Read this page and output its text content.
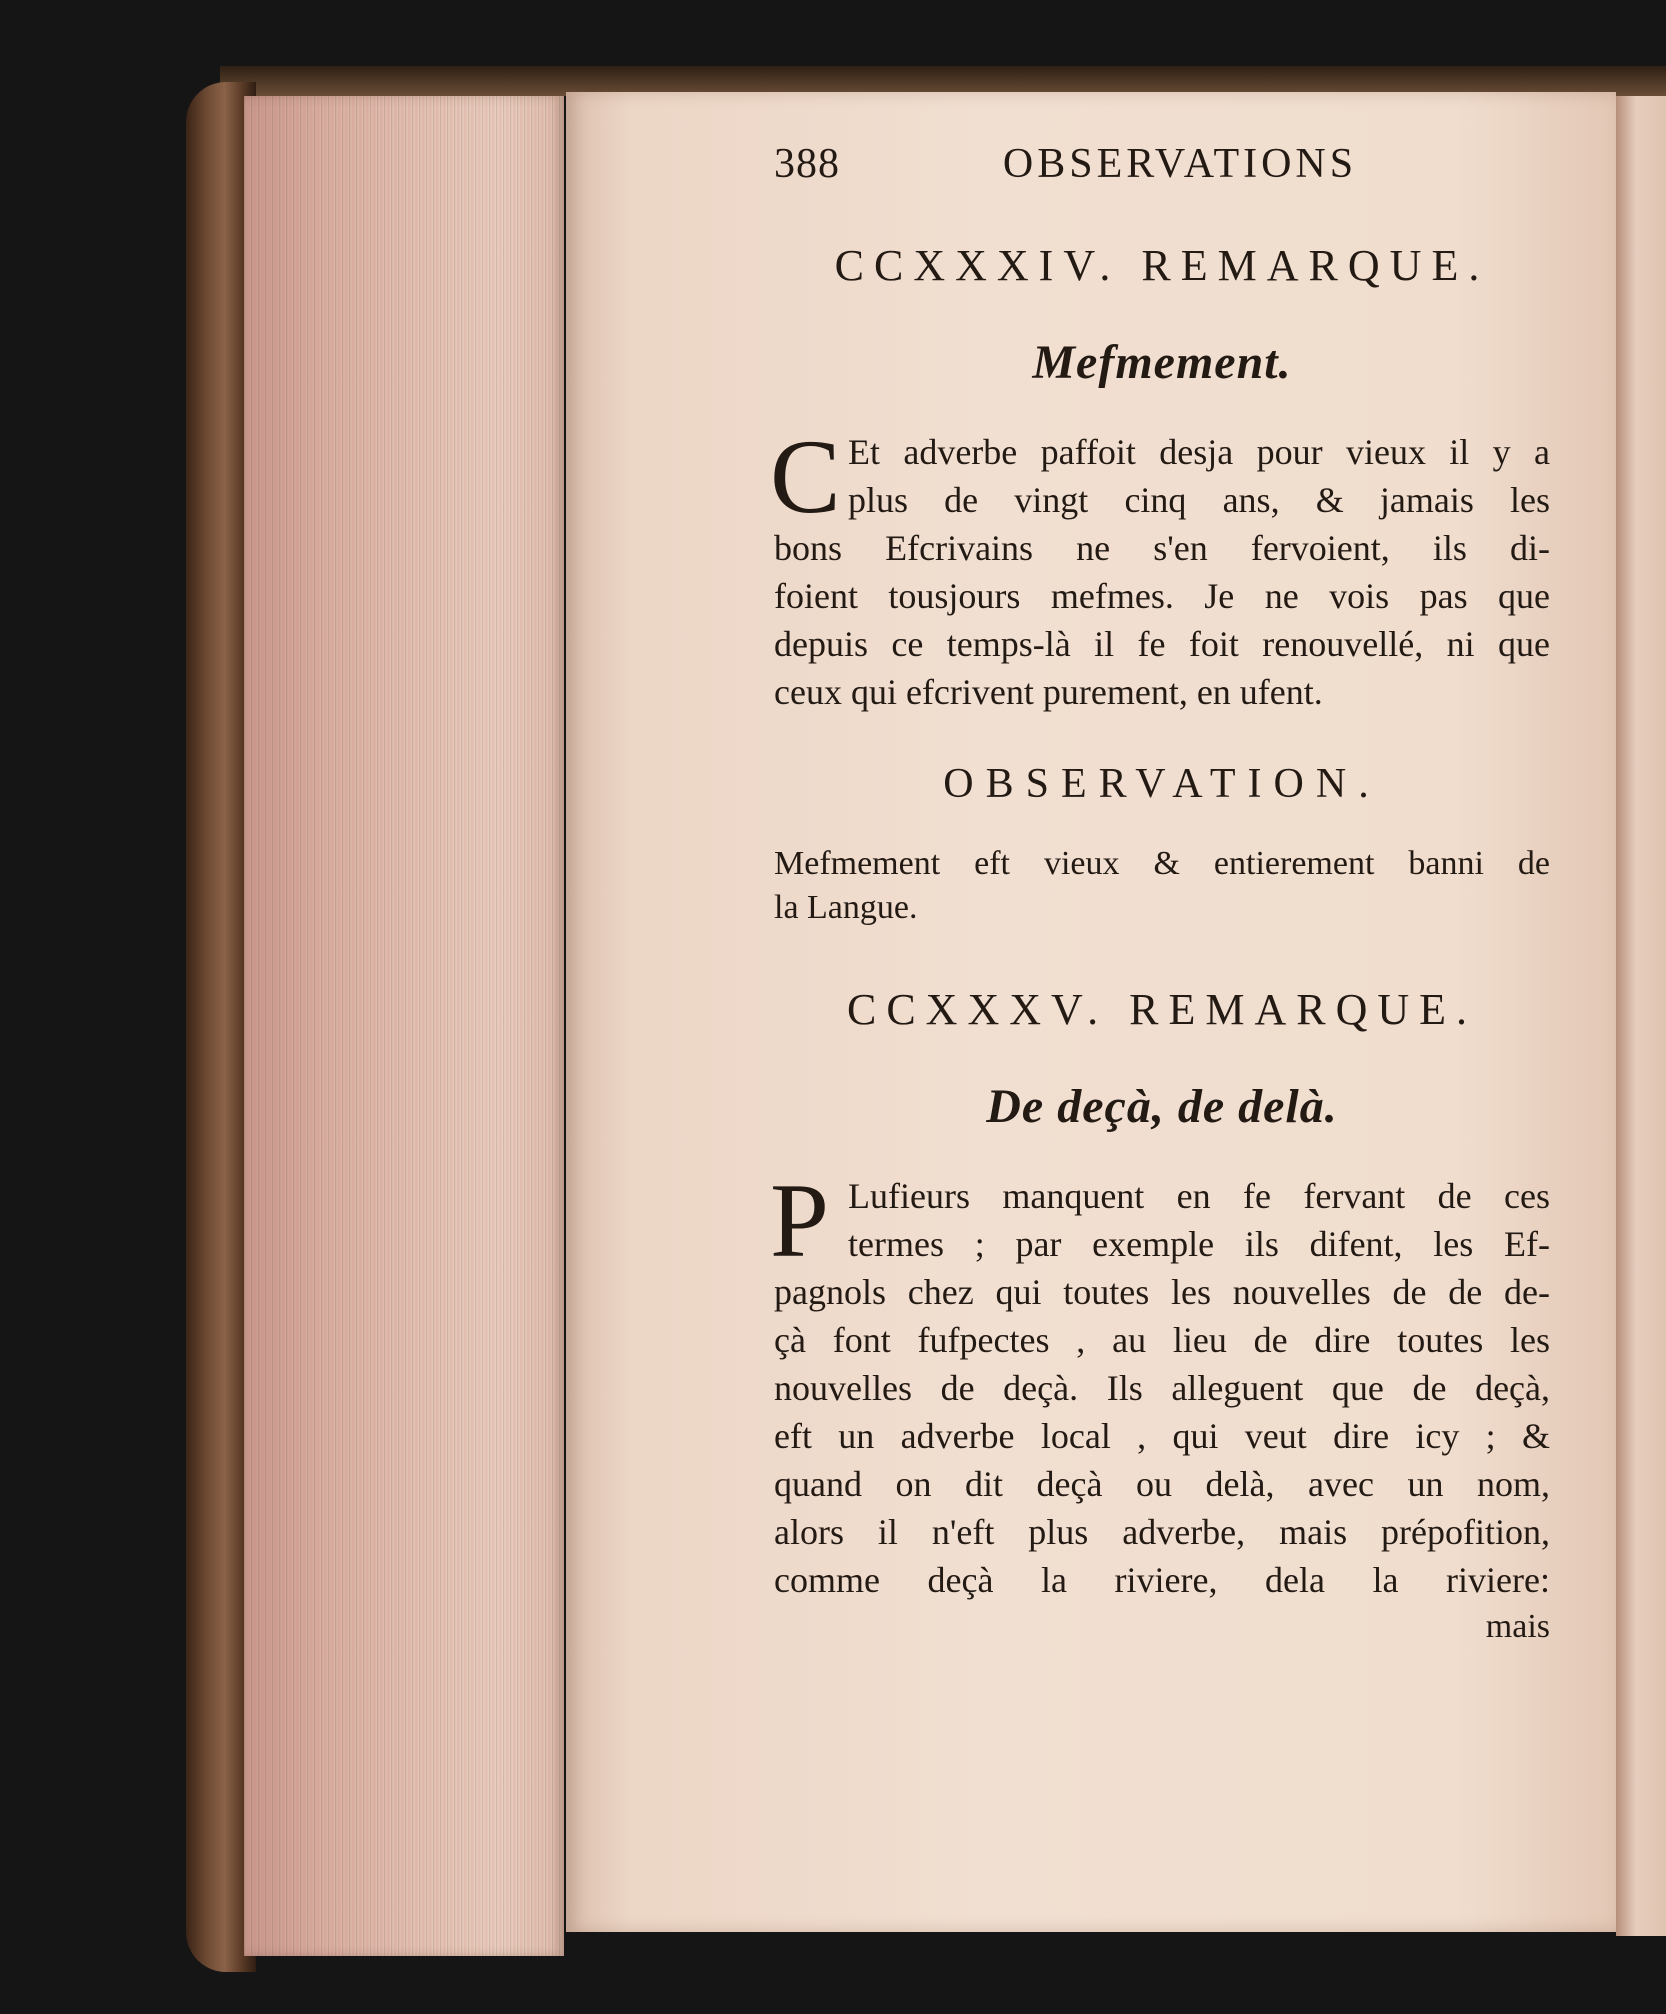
388	OBSERVATIONS
CCXXXIV. REMARQUE.
Mefmement.
C Et adverbe paffoit desja pour vieux il y a
plus de vingt cinq ans, & jamais les
bons Efcrivains ne s'en fervoient, ils di-
foient tousjours mefmes. Je ne vois pas que
depuis ce temps-là il fe foit renouvellé, ni que
ceux qui efcrivent purement, en ufent.
OBSERVATION.
Mefmement eft vieux & entierement banni de
la Langue.
CCXXXV. REMARQUE.
De deçà, de delà.
P Lufieurs manquent en fe fervant de ces
termes ; par exemple ils difent, les Ef-
pagnols chez qui toutes les nouvelles de de de-
çà font fufpectes , au lieu de dire toutes les
nouvelles de deçà. Ils alleguent que de deçà,
eft un adverbe local , qui veut dire icy ; &
quand on dit deçà ou delà, avec un nom,
alors il n'eft plus adverbe, mais prépofition,
comme deçà la riviere, dela la riviere:
mais
